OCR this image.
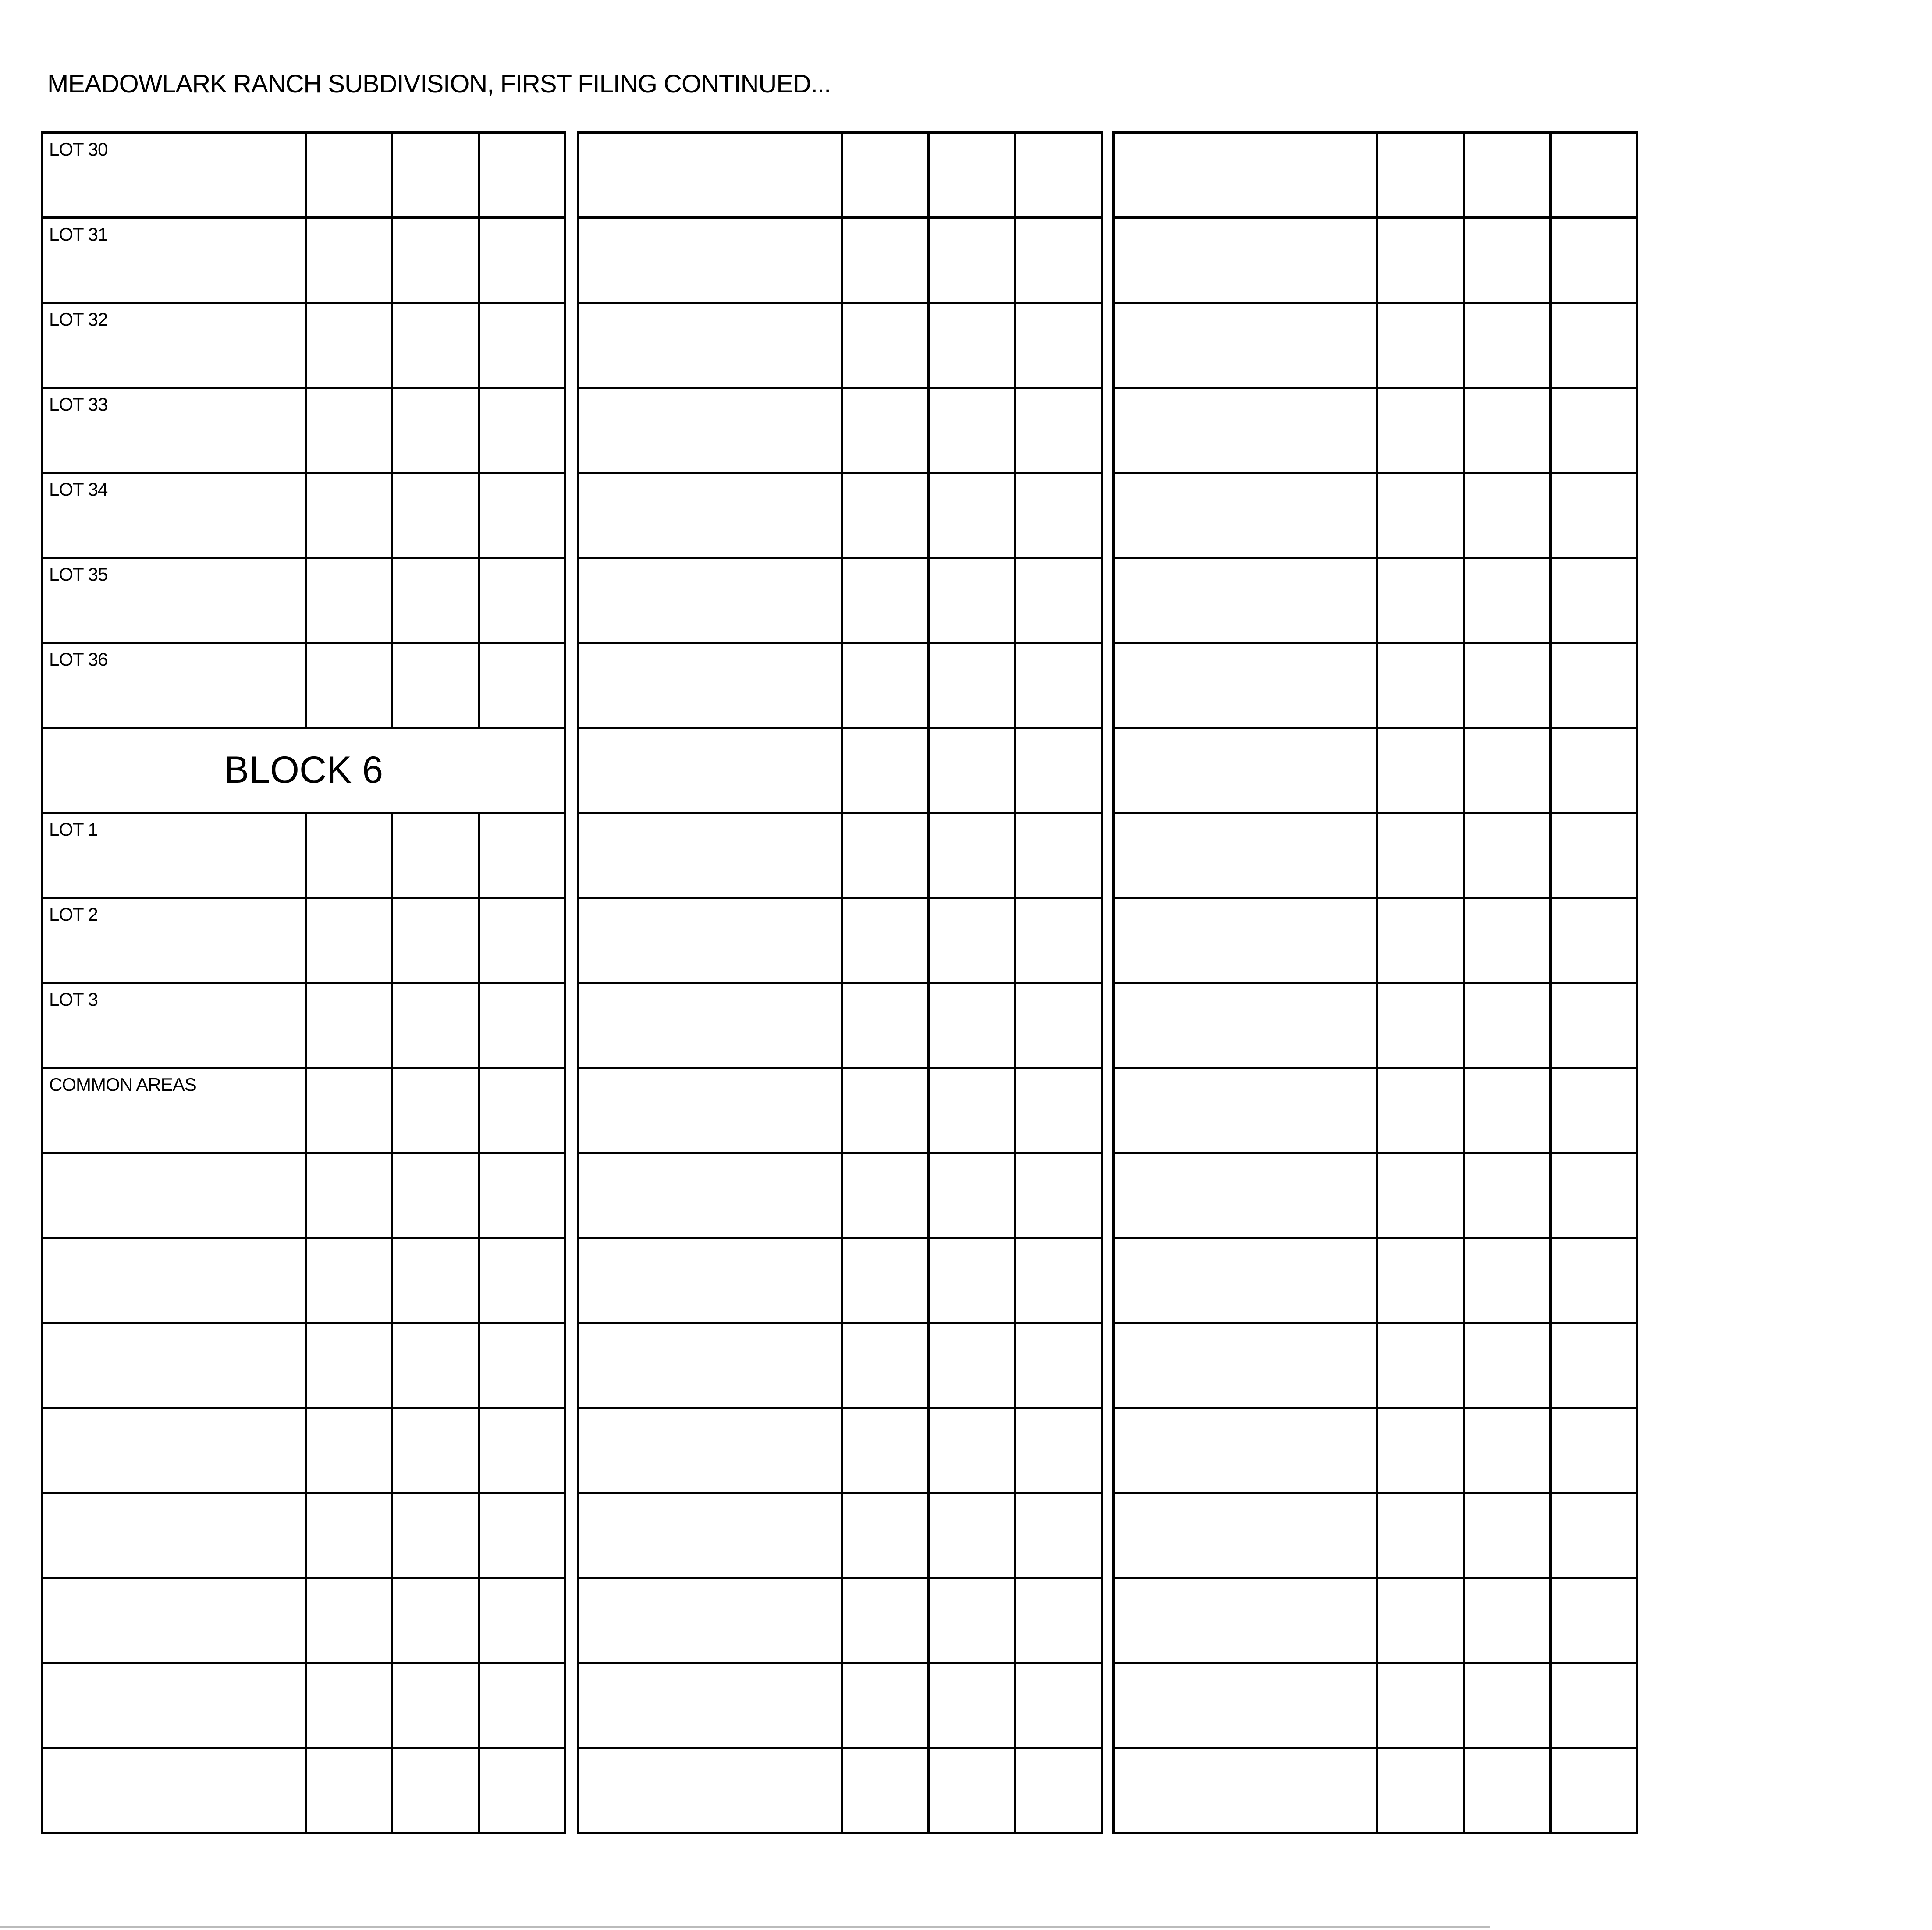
MEADOWLARK RANCH SUBDIVISION, FIRST FILING CONTINUED...
LOT 30			

LOT 31			

LOT 32			

LOT 33			

LOT 34			

LOT 35			

LOT 36			

BLOCK 6			

LOT 1			

LOT 2			

LOT 3			

COMMON AREAS			
